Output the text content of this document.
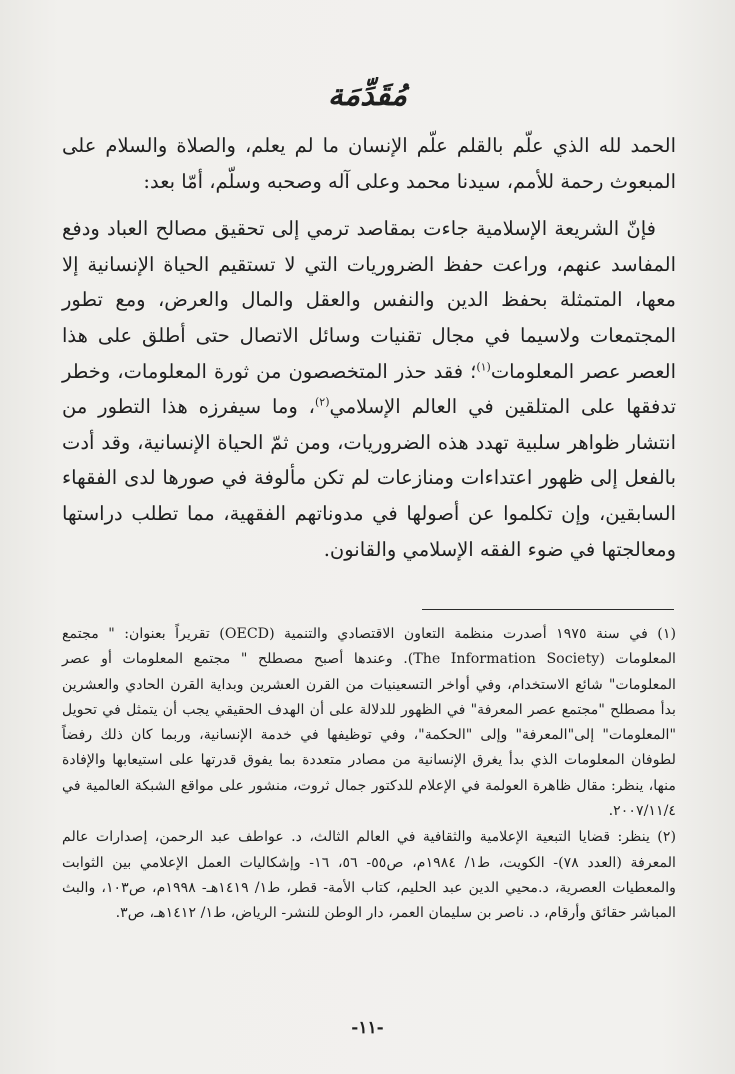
مُقَدِّمَة

الحمد لله الذي علّم بالقلم علّم الإنسان ما لم يعلم، والصلاة والسلام على المبعوث رحمة للأمم، سيدنا محمد وعلى آله وصحبه وسلّم، أمّا بعد:

فإنّ الشريعة الإسلامية جاءت بمقاصد ترمي إلى تحقيق مصالح العباد ودفع المفاسد عنهم، وراعت حفظ الضروريات التي لا تستقيم الحياة الإنسانية إلا معها، المتمثلة بحفظ الدين والنفس والعقل والمال والعرض، ومع تطور المجتمعات ولاسيما في مجال تقنيات وسائل الاتصال حتى أطلق على هذا العصر عصر المعلومات$^{(١)}$؛ فقد حذر المتخصصون من ثورة المعلومات، وخطر تدفقها على المتلقين في العالم الإسلامي$^{(٢)}$، وما سيفرزه هذا التطور من انتشار ظواهر سلبية تهدد هذه الضروريات، ومن ثمّ الحياة الإنسانية، وقد أدت بالفعل إلى ظهور اعتداءات ومنازعات لم تكن مألوفة في صورها لدى الفقهاء السابقين، وإن تكلموا عن أصولها في مدوناتهم الفقهية، مما تطلب دراستها ومعالجتها في ضوء الفقه الإسلامي والقانون.

(١) في سنة ١٩٧٥ أصدرت منظمة التعاون الاقتصادي والتنمية (OECD) تقريراً بعنوان: " مجتمع المعلومات (The Information Society). وعندها أصبح مصطلح " مجتمع المعلومات أو عصر المعلومات" شائع الاستخدام، وفي أواخر التسعينيات من القرن العشرين وبداية القرن الحادي والعشرين بدأ مصطلح "مجتمع عصر المعرفة" في الظهور للدلالة على أن الهدف الحقيقي يجب أن يتمثل في تحويل "المعلومات" إلى"المعرفة" وإلى "الحكمة"، وفي توظيفها في خدمة الإنسانية، وربما كان ذلك رفضاً لطوفان المعلومات الذي بدأ يغرق الإنسانية من مصادر متعددة بما يفوق قدرتها على استيعابها والإفادة منها، ينظر: مقال ظاهرة العولمة في الإعلام للدكتور جمال ثروت، منشور على مواقع الشبكة العالمية في ٢٠٠٧/١١/٤.

(٢) ينظر: قضايا التبعية الإعلامية والثقافية في العالم الثالث، د. عواطف عبد الرحمن، إصدارات عالم المعرفة (العدد ٧٨)- الكويت، ط١/ ١٩٨٤م، ص٥٥- ٥٦، ١٦- وإشكاليات العمل الإعلامي بين الثوابت والمعطيات العصرية، د.محيي الدين عبد الحليم، كتاب الأمة- قطر، ط١/ ١٤١٩هـ- ١٩٩٨م، ص١٠٣، والبث المباشر حقائق وأرقام، د. ناصر بن سليمان العمر، دار الوطن للنشر- الرياض، ط١/ ١٤١٢هـ، ص٣.

-١١-
